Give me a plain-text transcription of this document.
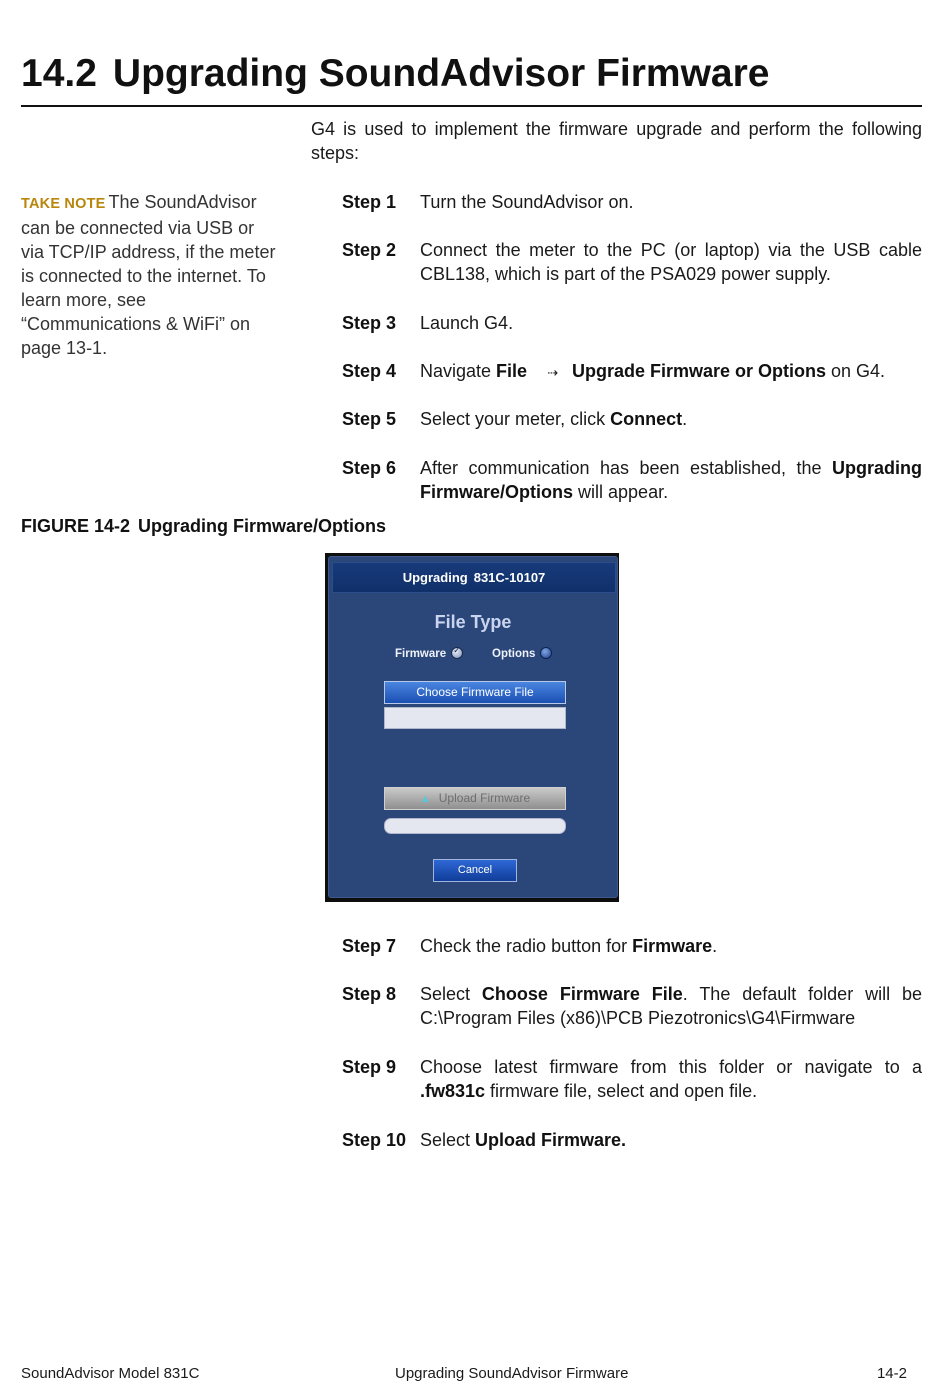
14.2 Upgrading SoundAdvisor Firmware
G4 is used to implement the firmware upgrade and perform the following steps:
TAKE NOTE The SoundAdvisor can be connected via USB or via TCP/IP address, if the meter is connected to the internet. To learn more, see “Communications & WiFi” on page 13-1.
Step 1 Turn the SoundAdvisor on.
Step 2 Connect the meter to the PC (or laptop) via the USB cable CBL138, which is part of the PSA029 power supply.
Step 3 Launch G4.
Step 4 Navigate File ⇢ Upgrade Firmware or Options on G4.
Step 5 Select your meter, click Connect.
Step 6 After communication has been established, the Upgrading Firmware/Options will appear.
FIGURE 14-2 Upgrading Firmware/Options
Upgrading 831C-10107
File Type
Firmware✓	Options
Choose Firmware File
▲ Upload Firmware
Cancel
Step 7 Check the radio button for Firmware.
Step 8 Select Choose Firmware File. The default folder will be C:\Program Files (x86)\PCB Piezotronics\G4\Firmware
Step 9 Choose latest firmware from this folder or navigate to a .fw831c firmware file, select and open file.
Step 10 Select Upload Firmware.
SoundAdvisor Model 831C	Upgrading SoundAdvisor Firmware	14-2
